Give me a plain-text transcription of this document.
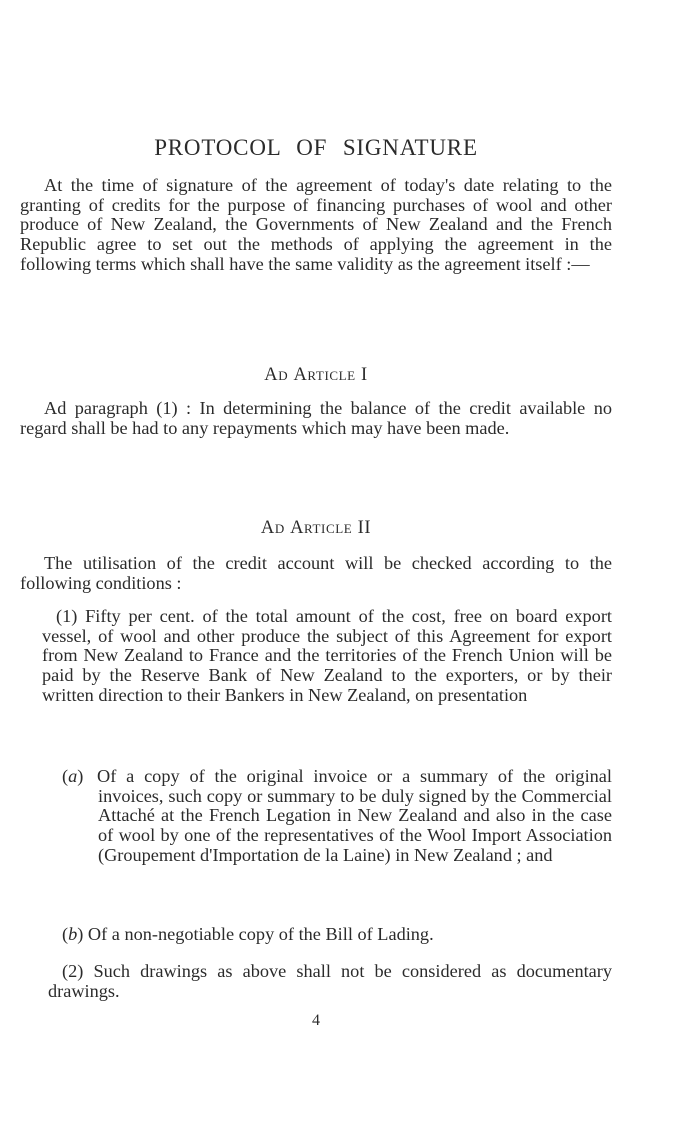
PROTOCOL OF SIGNATURE

At the time of signature of the agreement of today's date relating to the granting of credits for the purpose of financing purchases of wool and other produce of New Zealand, the Governments of New Zealand and the French Republic agree to set out the methods of applying the agreement in the following terms which shall have the same validity as the agreement itself :—

Ad Article I

Ad paragraph (1) : In determining the balance of the credit available no regard shall be had to any repayments which may have been made.

Ad Article II

The utilisation of the credit account will be checked according to the following conditions :

(1) Fifty per cent. of the total amount of the cost, free on board export vessel, of wool and other produce the subject of this Agreement for export from New Zealand to France and the territories of the French Union will be paid by the Reserve Bank of New Zealand to the exporters, or by their written direction to their Bankers in New Zealand, on presentation

(a) Of a copy of the original invoice or a summary of the original invoices, such copy or summary to be duly signed by the Commercial Attaché at the French Legation in New Zealand and also in the case of wool by one of the representatives of the Wool Import Association (Groupement d'Importation de la Laine) in New Zealand ; and
(b) Of a non-negotiable copy of the Bill of Lading.

(2) Such drawings as above shall not be considered as documentary drawings.

4
